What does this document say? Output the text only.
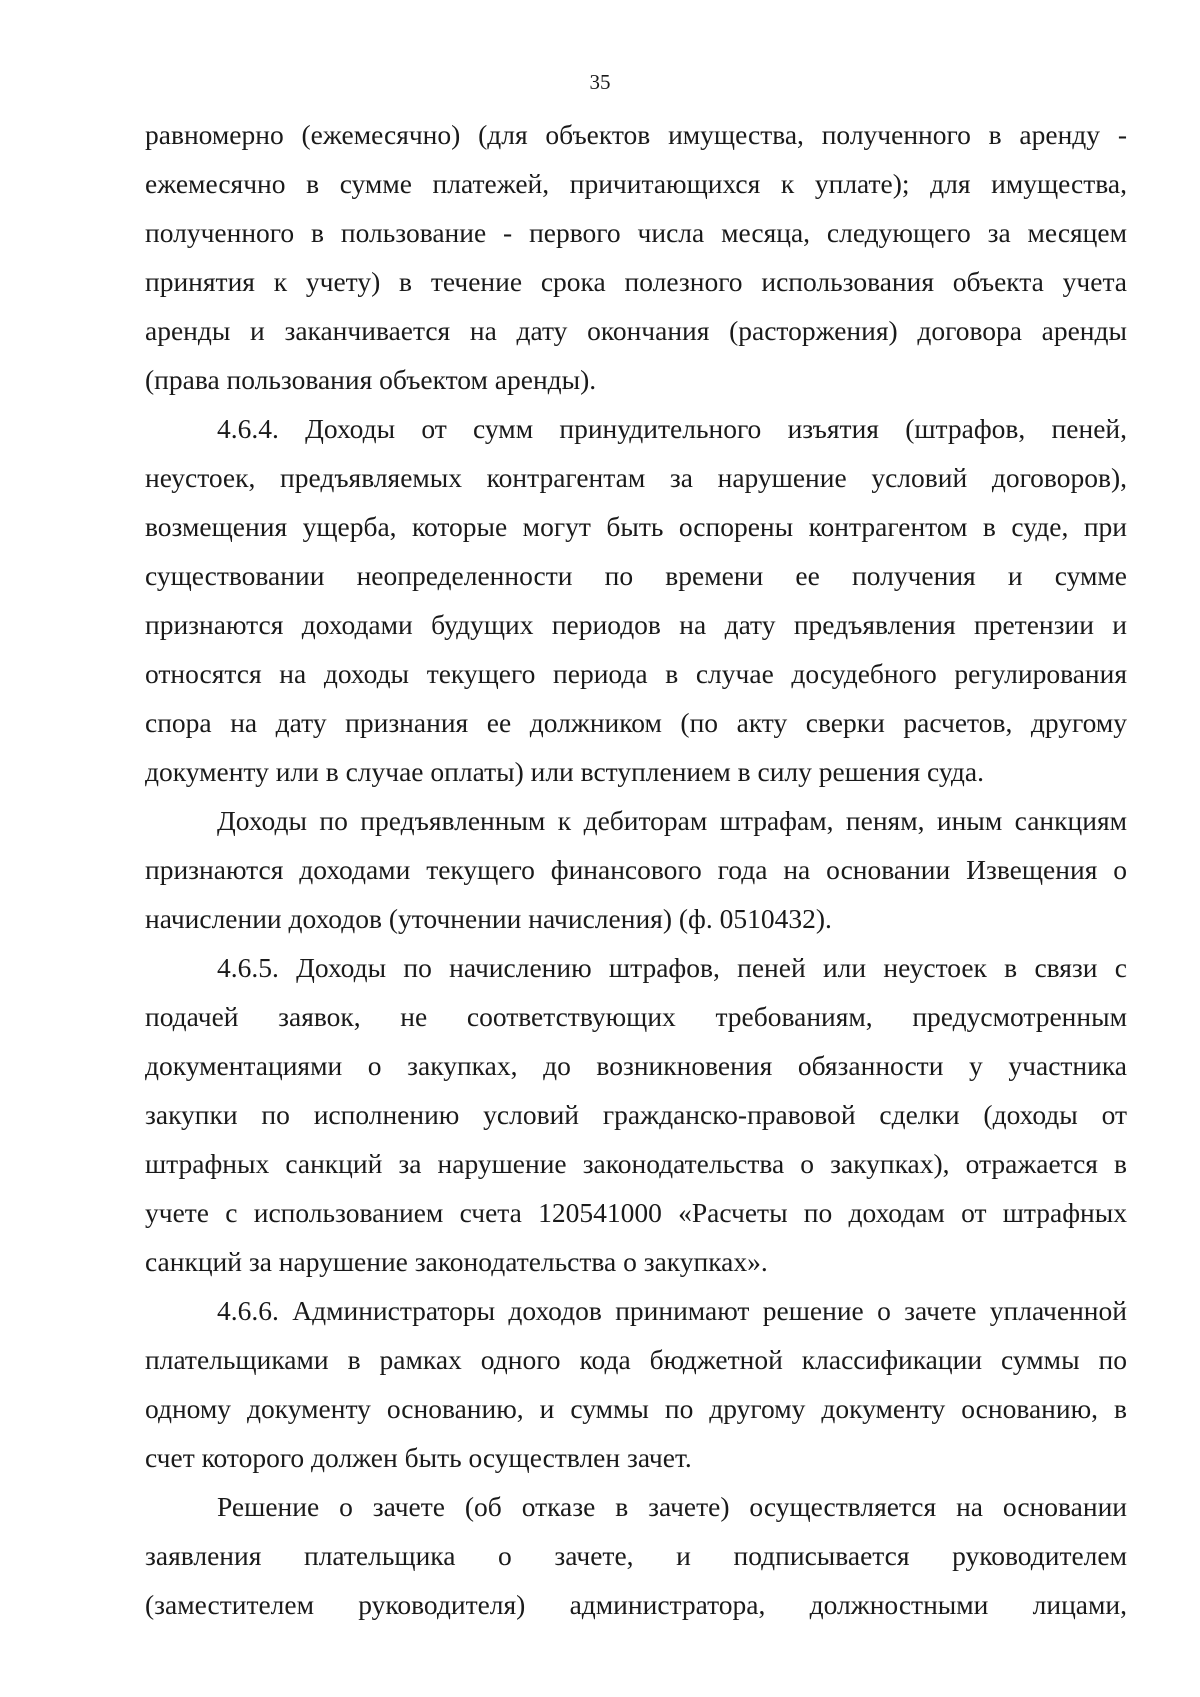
35
равномерно (ежемесячно) (для объектов имущества, полученного в аренду -
ежемесячно в сумме платежей, причитающихся к уплате); для имущества,
полученного в пользование - первого числа месяца, следующего за месяцем
принятия к учету) в течение срока полезного использования объекта учета
аренды и заканчивается на дату окончания (расторжения) договора аренды
(права пользования объектом аренды).
4.6.4. Доходы от сумм принудительного изъятия (штрафов, пеней,
неустоек, предъявляемых контрагентам за нарушение условий договоров),
возмещения ущерба, которые могут быть оспорены контрагентом в суде, при
существовании неопределенности по времени ее получения и сумме
признаются доходами будущих периодов на дату предъявления претензии и
относятся на доходы текущего периода в случае досудебного регулирования
спора на дату признания ее должником (по акту сверки расчетов, другому
документу или в случае оплаты) или вступлением в силу решения суда.
Доходы по предъявленным к дебиторам штрафам, пеням, иным санкциям
признаются доходами текущего финансового года на основании Извещения о
начислении доходов (уточнении начисления) (ф. 0510432).
4.6.5. Доходы по начислению штрафов, пеней или неустоек в связи с
подачей заявок, не соответствующих требованиям, предусмотренным
документациями о закупках, до возникновения обязанности у участника
закупки по исполнению условий гражданско-правовой сделки (доходы от
штрафных санкций за нарушение законодательства о закупках), отражается в
учете с использованием счета 120541000 «Расчеты по доходам от штрафных
санкций за нарушение законодательства о закупках».
4.6.6. Администраторы доходов принимают решение о зачете уплаченной
плательщиками в рамках одного кода бюджетной классификации суммы по
одному документу основанию, и суммы по другому документу основанию, в
счет которого должен быть осуществлен зачет.
Решение о зачете (об отказе в зачете) осуществляется на основании
заявления плательщика о зачете, и подписывается руководителем
(заместителем руководителя) администратора, должностными лицами,
